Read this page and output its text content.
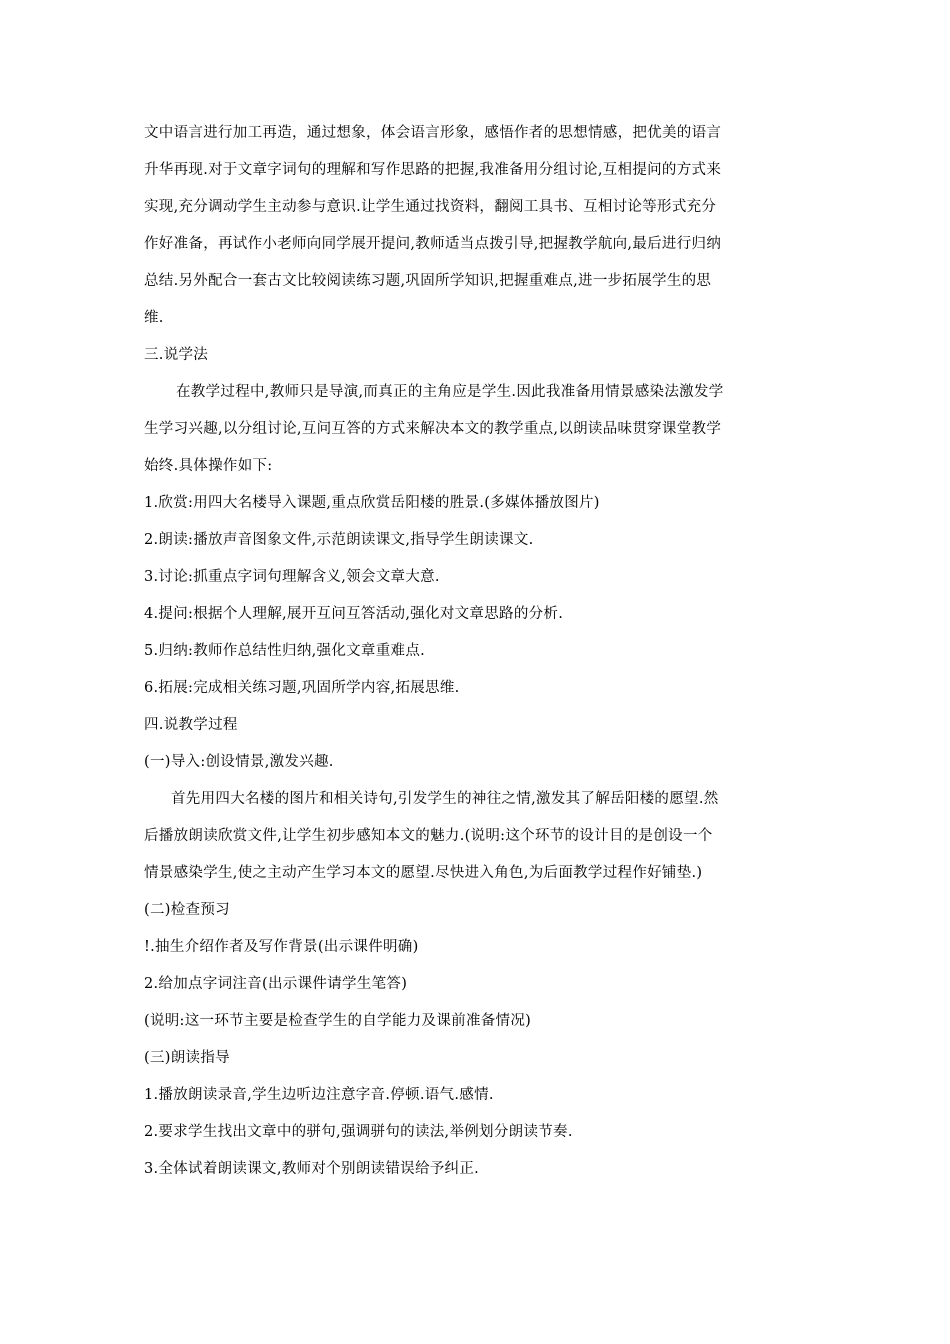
文中语言进行加工再造，通过想象，体会语言形象，感悟作者的思想情感，把优美的语言
升华再现.对于文章字词句的理解和写作思路的把握,我准备用分组讨论,互相提问的方式来
实现,充分调动学生主动参与意识.让学生通过找资料，翻阅工具书、互相讨论等形式充分
作好准备，再试作小老师向同学展开提问,教师适当点拨引导,把握教学航向,最后进行归纳
总结.另外配合一套古文比较阅读练习题,巩固所学知识,把握重难点,进一步拓展学生的思
维.
三.说学法
在教学过程中,教师只是导演,而真正的主角应是学生.因此我准备用情景感染法激发学
生学习兴趣,以分组讨论,互问互答的方式来解决本文的教学重点,以朗读品味贯穿课堂教学
始终.具体操作如下:
1.欣赏:用四大名楼导入课题,重点欣赏岳阳楼的胜景.(多媒体播放图片)
2.朗读:播放声音图象文件,示范朗读课文,指导学生朗读课文.
3.讨论:抓重点字词句理解含义,领会文章大意.
4.提问:根据个人理解,展开互问互答活动,强化对文章思路的分析.
5.归纳:教师作总结性归纳,强化文章重难点.
6.拓展:完成相关练习题,巩固所学内容,拓展思维.
四.说教学过程
(一)导入:创设情景,激发兴趣.
首先用四大名楼的图片和相关诗句,引发学生的神往之情,激发其了解岳阳楼的愿望.然
后播放朗读欣赏文件,让学生初步感知本文的魅力.(说明:这个环节的设计目的是创设一个
情景感染学生,使之主动产生学习本文的愿望.尽快进入角色,为后面教学过程作好铺垫.)
(二)检查预习
!.抽生介绍作者及写作背景(出示课件明确)
2.给加点字词注音(出示课件请学生笔答)
(说明:这一环节主要是检查学生的自学能力及课前准备情况)
(三)朗读指导
1.播放朗读录音,学生边听边注意字音.停顿.语气.感情.
2.要求学生找出文章中的骈句,强调骈句的读法,举例划分朗读节奏.
3.全体试着朗读课文,教师对个别朗读错误给予纠正.
